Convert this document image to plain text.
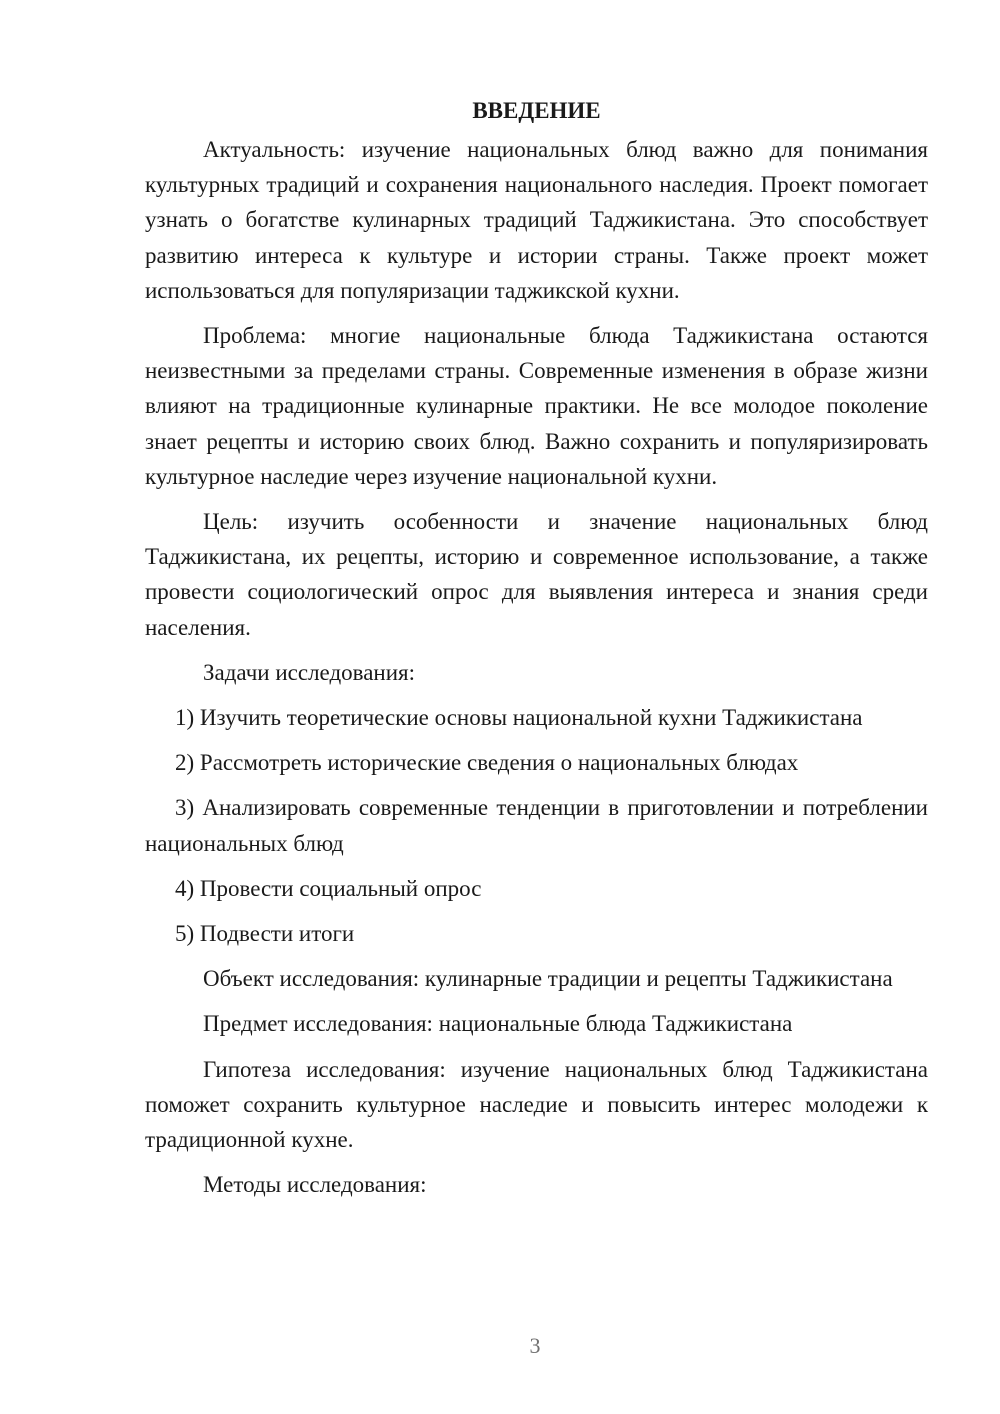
ВВЕДЕНИЕ

Актуальность: изучение национальных блюд важно для понимания культурных традиций и сохранения национального наследия. Проект помогает узнать о богатстве кулинарных традиций Таджикистана. Это способствует развитию интереса к культуре и истории страны. Также проект может использоваться для популяризации таджикской кухни.

Проблема: многие национальные блюда Таджикистана остаются неизвестными за пределами страны. Современные изменения в образе жизни влияют на традиционные кулинарные практики. Не все молодое поколение знает рецепты и историю своих блюд. Важно сохранить и популяризировать культурное наследие через изучение национальной кухни.

Цель: изучить особенности и значение национальных блюд Таджикистана, их рецепты, историю и современное использование, а также провести социологический опрос для выявления интереса и знания среди населения.

Задачи исследования:

1) Изучить теоретические основы национальной кухни Таджикистана

2) Рассмотреть исторические сведения о национальных блюдах

3) Анализировать современные тенденции в приготовлении и потреблении национальных блюд

4) Провести социальный опрос

5) Подвести итоги

Объект исследования: кулинарные традиции и рецепты Таджикистана

Предмет исследования: национальные блюда Таджикистана

Гипотеза исследования: изучение национальных блюд Таджикистана поможет сохранить культурное наследие и повысить интерес молодежи к традиционной кухне.

Методы исследования:

3
